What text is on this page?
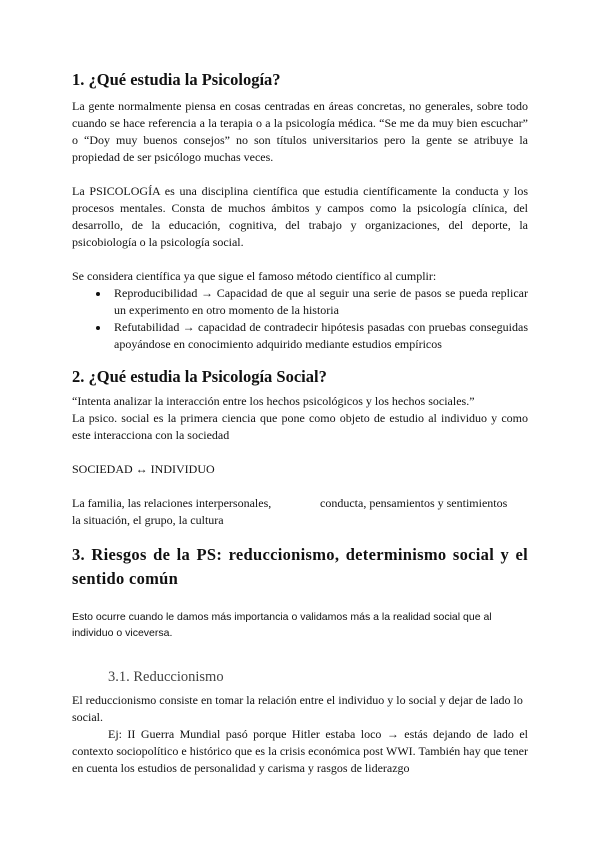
1. ¿Qué estudia la Psicología?

La gente normalmente piensa en cosas centradas en áreas concretas, no generales, sobre todo cuando se hace referencia a la terapia o a la psicología médica. “Se me da muy bien escuchar” o “Doy muy buenos consejos” no son títulos universitarios pero la gente se atribuye la propiedad de ser psicólogo muchas veces.

La PSICOLOGÍA es una disciplina científica que estudia científicamente la conducta y los procesos mentales. Consta de muchos ámbitos y campos como la psicología clínica, del desarrollo, de la educación, cognitiva, del trabajo y organizaciones, del deporte, la psicobiología o la psicología social.

Se considera científica ya que sigue el famoso método científico al cumplir:

• Reproducibilidad → Capacidad de que al seguir una serie de pasos se pueda replicar un experimento en otro momento de la historia
• Refutabilidad → capacidad de contradecir hipótesis pasadas con pruebas conseguidas apoyándose en conocimiento adquirido mediante estudios empíricos
2. ¿Qué estudia la Psicología Social?

“Intenta analizar la interacción entre los hechos psicológicos y los hechos sociales.”

La psico. social es la primera ciencia que pone como objeto de estudio al individuo y como este interacciona con la sociedad

SOCIEDAD ↔ INDIVIDUO

La familia, las relaciones interpersonales,	conducta, pensamientos y sentimientos

la situación, el grupo, la cultura

3. Riesgos de la PS: reduccionismo, determinismo social y el sentido común

Esto ocurre cuando le damos más importancia o validamos más a la realidad social que al individuo o viceversa.

3.1. Reduccionismo

El reduccionismo consiste en tomar la relación entre el individuo y lo social y dejar de lado lo social.

Ej: II Guerra Mundial pasó porque Hitler estaba loco → estás dejando de lado el contexto sociopolítico e histórico que es la crisis económica post WWI. También hay que tener en cuenta los estudios de personalidad y carisma y rasgos de liderazgo
